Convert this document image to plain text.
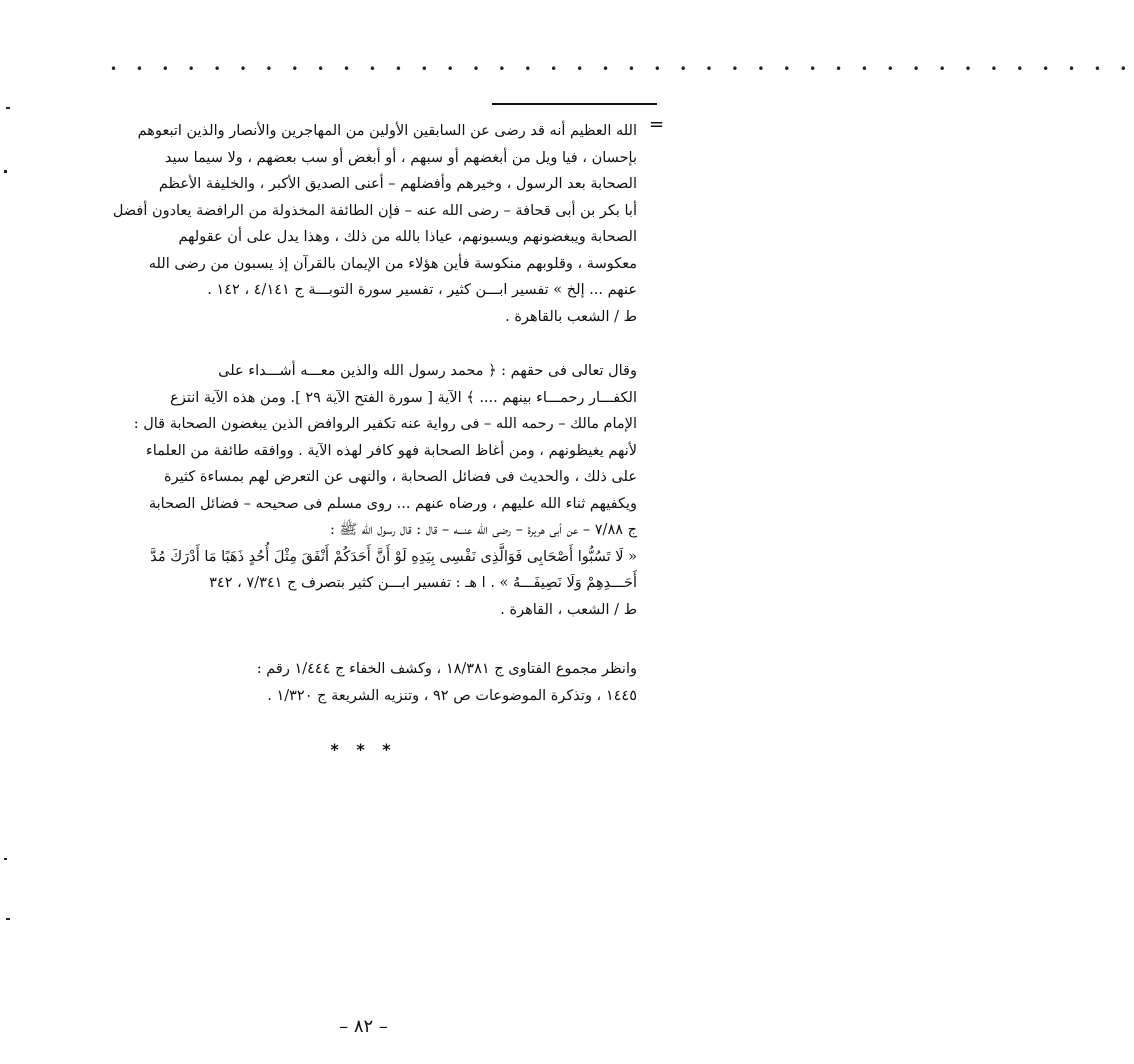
• • • • • • • • • • • • • • • • • • • • • • • • • • • • • • • • • • • • • • • •
=
الله العظيم أنه قد رضى عن السابقين الأولين من المهاجرين والأنصار والذين اتبعوهم
بإحسان ، فيا ويل من أبغضهم أو سبهم ، أو أبغض أو سب بعضهم ، ولا سيما سيد
الصحابة بعد الرسول ، وخيرهم وأفضلهم – أعنى الصديق الأكبر ، والخليفة الأعظم
أبا بكر بن أبى قحافة – رضى الله عنه – فإن الطائفة المخذولة من الرافضة يعادون أفضل
الصحابة ويبغضونهم ويسبونهم، عياذا بالله من ذلك ، وهذا يدل على أن عقولهم
معكوسة ، وقلوبهم منكوسة فأين هؤلاء من الإيمان بالقرآن إذ يسبون من رضى الله
عنهم ... إلخ » تفسير ابـــن كثير ، تفسير سورة التوبـــة ج ٤/١٤١ ، ١٤٢ .
ط / الشعب بالقاهرة .
وقال تعالى فى حقهم : ﴿ محمد رسول الله والذين معـــه أشـــداء على
الكفـــار رحمـــاء بينهم .... ﴾ الآية [ سورة الفتح الآية ٢٩ ]. ومن هذه الآية انتزع
الإمام مالك – رحمه الله – فى رواية عنه تكفير الروافض الذين يبغضون الصحابة قال :
لأنهم يغيظونهم ، ومن أغاظ الصحابة فهو كافر لهذه الآية . ووافقه طائفة من العلماء
على ذلك ، والحديث فى فضائل الصحابة ، والنهى عن التعرض لهم بمساءة كثيرة
ويكفيهم ثناء الله عليهم ، ورضاه عنهم ... روى مسلم فى صحيحه – فضائل الصحابة
ج ٧/٨٨ – عن أبى هريرة – رضى الله عنـــه – قال : قال رسول الله ﷺ :
« لَا تَسُبُّوا أَصْحَابِى فَوَالَّذِى نَفْسِى بِيَدِهِ لَوْ أَنَّ أَحَدَكُمْ أَنْفَقَ مِثْلَ أُحُدٍ ذَهَبًا مَا أَدْرَكَ مُدَّ
أَحَـــدِهِمْ وَلَا نَصِيفَـــهُ » . ا هـ : تفسير ابـــن كثير بتصرف ج ٧/٣٤١ ، ٣٤٢
ط / الشعب ، القاهرة .
وانظر مجموع الفتاوى ج ١٨/٣٨١ ، وكشف الخفاء ج ١/٤٤٤ رقم :
١٤٤٥ ، وتذكرة الموضوعات ص ٩٢ ، وتنزيه الشريعة ج ١/٣٢٠ .
* * *
– ٨٢ –
